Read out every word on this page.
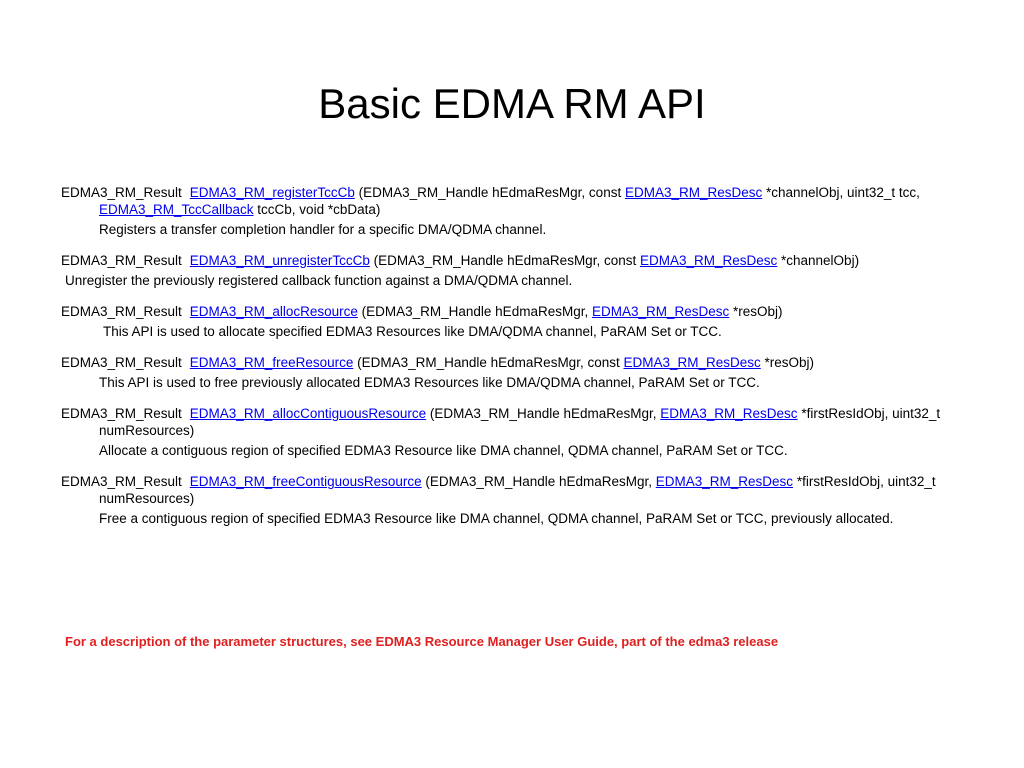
Basic EDMA RM API
EDMA3_RM_Result EDMA3_RM_registerTccCb (EDMA3_RM_Handle hEdmaResMgr, const EDMA3_RM_ResDesc *channelObj, uint32_t tcc, EDMA3_RM_TccCallback tccCb, void *cbData)
Registers a transfer completion handler for a specific DMA/QDMA channel.
EDMA3_RM_Result EDMA3_RM_unregisterTccCb (EDMA3_RM_Handle hEdmaResMgr, const EDMA3_RM_ResDesc *channelObj)
Unregister the previously registered callback function against a DMA/QDMA channel.
EDMA3_RM_Result EDMA3_RM_allocResource (EDMA3_RM_Handle hEdmaResMgr, EDMA3_RM_ResDesc *resObj)
This API is used to allocate specified EDMA3 Resources like DMA/QDMA channel, PaRAM Set or TCC.
EDMA3_RM_Result EDMA3_RM_freeResource (EDMA3_RM_Handle hEdmaResMgr, const EDMA3_RM_ResDesc *resObj)
This API is used to free previously allocated EDMA3 Resources like DMA/QDMA channel, PaRAM Set or TCC.
EDMA3_RM_Result EDMA3_RM_allocContiguousResource (EDMA3_RM_Handle hEdmaResMgr, EDMA3_RM_ResDesc *firstResIdObj, uint32_t numResources)
Allocate a contiguous region of specified EDMA3 Resource like DMA channel, QDMA channel, PaRAM Set or TCC.
EDMA3_RM_Result EDMA3_RM_freeContiguousResource (EDMA3_RM_Handle hEdmaResMgr, EDMA3_RM_ResDesc *firstResIdObj, uint32_t numResources)
Free a contiguous region of specified EDMA3 Resource like DMA channel, QDMA channel, PaRAM Set or TCC, previously allocated.
For a description of the parameter structures, see EDMA3 Resource Manager User Guide, part of the edma3 release
